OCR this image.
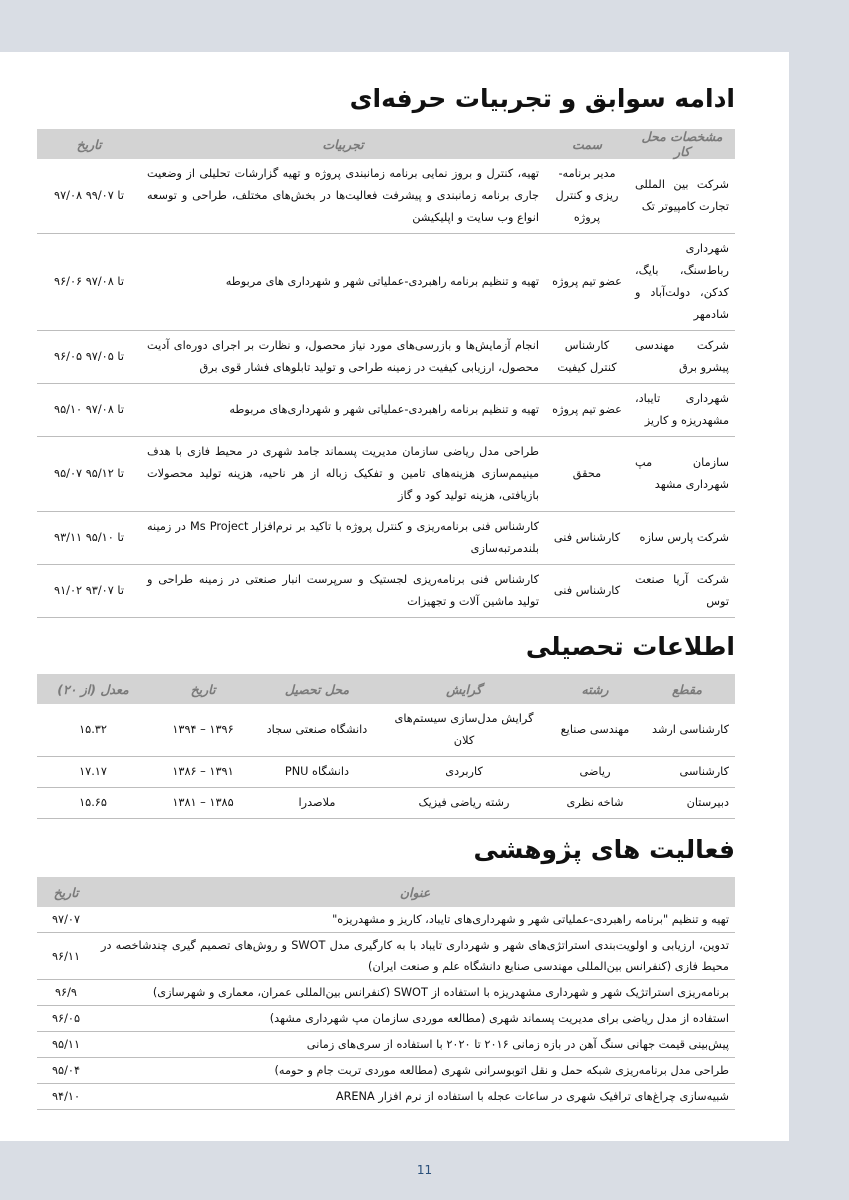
ادامه سوابق و تجربیات حرفه‌ای
مشخصات محل کار	سمت	تجربیات	تاریخ
شرکت بین المللی تجارت کامپیوتر تک	مدیر برنامه-ریزی و کنترل پروژه	تهیه، کنترل و بروز نمایی برنامه زمانبندی پروژه و تهیه گزارشات تحلیلی از وضعیت جاری برنامه زمانبندی و پیشرفت فعالیت‌ها در بخش‌های مختلف، طراحی و توسعه انواع وب سایت و اپلیکیشن	۹۷/۰۸ تا ۹۹/۰۷
شهرداری رباط‌سنگ، بایگ، کدکن، دولت‌آباد و شادمهر	عضو تیم پروژه	تهیه و تنظیم برنامه راهبردی-عملیاتی شهر و شهرداری های مربوطه	۹۶/۰۶ تا ۹۷/۰۸
شرکت مهندسی پیشرو برق	کارشناس کنترل کیفیت	انجام آزمایش‌ها و بازرسی‌های مورد نیاز محصول، و نظارت بر اجرای دوره‌ای آدیت محصول، ارزیابی کیفیت در زمینه طراحی و تولید تابلوهای فشار قوی برق	۹۶/۰۵ تا ۹۷/۰۵
شهرداری تایباد، مشهدریزه و کاریز	عضو تیم پروژه	تهیه و تنظیم برنامه راهبردی-عملیاتی شهر و شهرداری‌های مربوطه	۹۵/۱۰ تا ۹۷/۰۸
سازمان مپ شهرداری مشهد	محقق	طراحی مدل ریاضی سازمان مدیریت پسماند جامد شهری در محیط فازی با هدف مینیمم‌سازی هزینه‌های تامین و تفکیک زباله از هر ناحیه، هزینه تولید محصولات بازیافتی، هزینه تولید کود و گاز	۹۵/۰۷ تا ۹۵/۱۲
شرکت پارس سازه	کارشناس فنی	کارشناس فنی برنامه‌ریزی و کنترل پروژه با تاکید بر نرم‌افزار Ms Project در زمینه بلندمرتبه‌سازی	۹۳/۱۱ تا ۹۵/۱۰
شرکت آریا صنعت توس	کارشناس فنی	کارشناس فنی برنامه‌ریزی لجستیک و سرپرست انبار صنعتی در زمینه طراحی و تولید ماشین آلات و تجهیزات	۹۱/۰۲ تا ۹۳/۰۷
اطلاعات تحصیلی
مقطع	رشته	گرایش	محل تحصیل	تاریخ	معدل (از ۲۰)
کارشناسی ارشد	مهندسی صنایع	گرایش مدل‌سازی سیستم‌های کلان	دانشگاه صنعتی سجاد	۱۳۹۴ – ۱۳۹۶	۱۵.۳۲
کارشناسی	ریاضی	کاربردی	دانشگاه PNU	۱۳۸۶ – ۱۳۹۱	۱۷.۱۷
دبیرستان	شاخه نظری	رشته ریاضی فیزیک	ملاصدرا	۱۳۸۱ – ۱۳۸۵	۱۵.۶۵
فعالیت های پژوهشی
عنوان	تاریخ
تهیه و تنظیم "برنامه راهبردی-عملیاتی شهر و شهرداری‌های تایباد، کاریز و مشهدریزه"	۹۷/۰۷
تدوین، ارزیابی و اولویت‌بندی استراتژی‌های شهر و شهرداری تایباد با به کارگیری مدل SWOT و روش‌های تصمیم گیری چندشاخصه در محیط فازی (کنفرانس بین‌المللی مهندسی صنایع دانشگاه علم و صنعت ایران)	۹۶/۱۱
برنامه‌ریزی استراتژیک شهر و شهرداری مشهدریزه با استفاده از SWOT (کنفرانس بین‌المللی عمران، معماری و شهرسازی)	۹۶/۹
استفاده از مدل ریاضی برای مدیریت پسماند شهری (مطالعه موردی سازمان مپ شهرداری مشهد)	۹۶/۰۵
پیش‌بینی قیمت جهانی سنگ آهن در بازه زمانی ۲۰۱۶ تا ۲۰۲۰ با استفاده از سری‌های زمانی	۹۵/۱۱
طراحی مدل برنامه‌ریزی شبکه حمل و نقل اتوبوسرانی شهری (مطالعه موردی تربت جام و حومه)	۹۵/۰۴
شبیه‌سازی چراغ‌های ترافیک شهری در ساعات عجله با استفاده از نرم افزار ARENA	۹۴/۱۰
11
